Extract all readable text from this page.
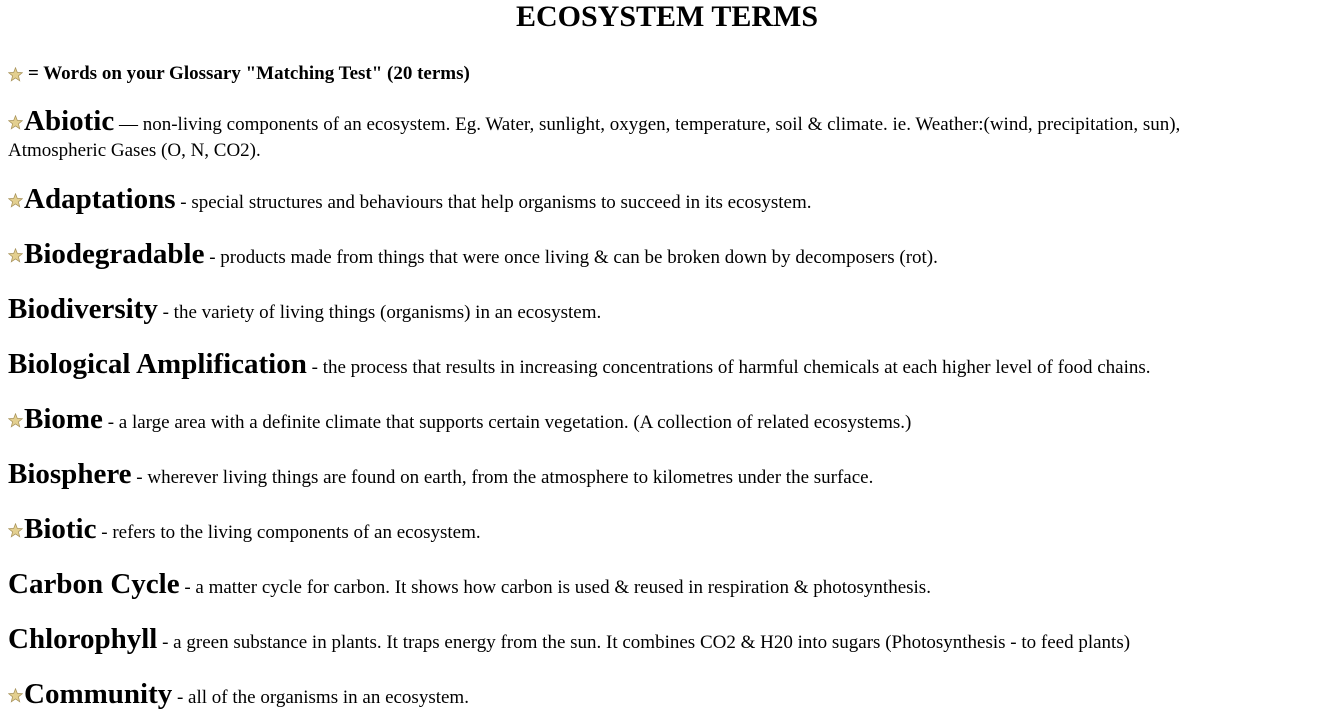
ECOSYSTEM TERMS
= Words on your Glossary "Matching Test" (20 terms)

Abiotic — non-living components of an ecosystem. Eg. Water, sunlight, oxygen, temperature, soil & climate. ie. Weather:(wind, precipitation, sun), Atmospheric Gases (O, N, CO2).

Adaptations - special structures and behaviours that help organisms to succeed in its ecosystem.

Biodegradable - products made from things that were once living & can be broken down by decomposers (rot).

Biodiversity - the variety of living things (organisms) in an ecosystem.

Biological Amplification - the process that results in increasing concentrations of harmful chemicals at each higher level of food chains.

Biome - a large area with a definite climate that supports certain vegetation. (A collection of related ecosystems.)

Biosphere - wherever living things are found on earth, from the atmosphere to kilometres under the surface.

Biotic - refers to the living components of an ecosystem.

Carbon Cycle - a matter cycle for carbon. It shows how carbon is used & reused in respiration & photosynthesis.

Chlorophyll - a green substance in plants. It traps energy from the sun. It combines CO2 & H20 into sugars (Photosynthesis - to feed plants)

Community - all of the organisms in an ecosystem.
